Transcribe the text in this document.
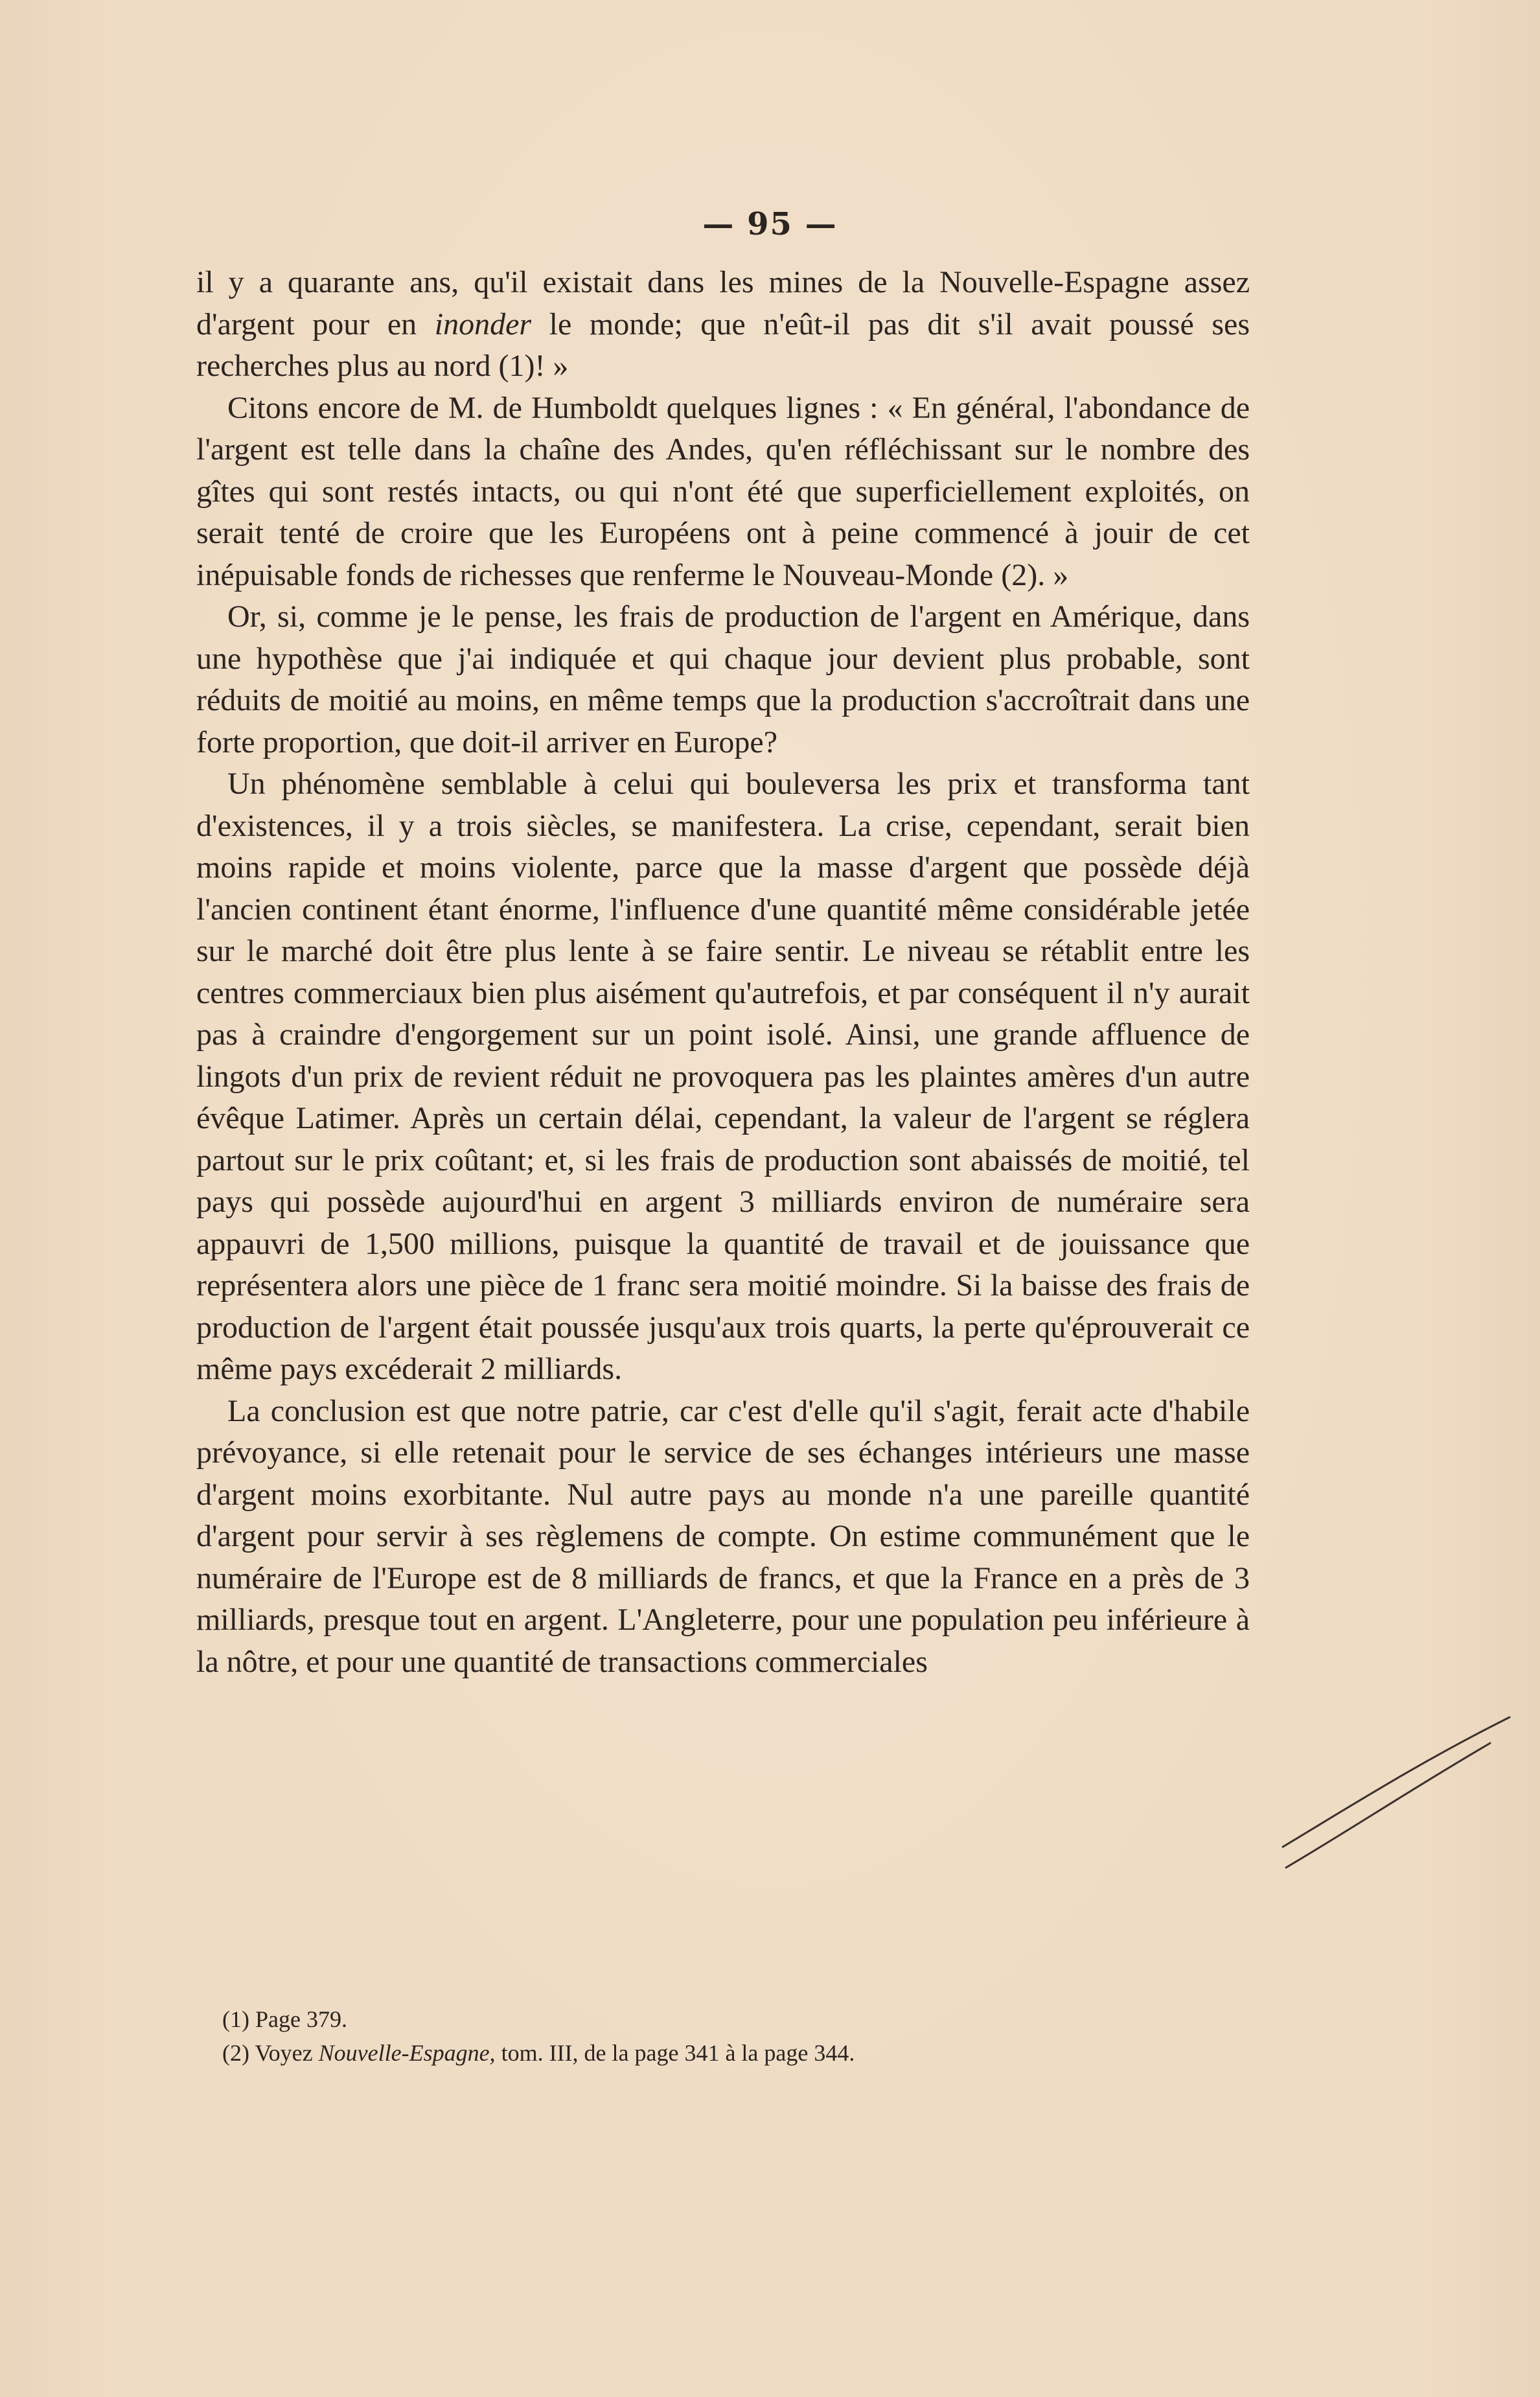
— 95 —

il y a quarante ans, qu'il existait dans les mines de la Nouvelle-Espagne assez d'argent pour en inonder le monde; que n'eût-il pas dit s'il avait poussé ses recherches plus au nord (1)! »

Citons encore de M. de Humboldt quelques lignes : « En général, l'abondance de l'argent est telle dans la chaîne des Andes, qu'en réfléchissant sur le nombre des gîtes qui sont restés intacts, ou qui n'ont été que superficiellement exploités, on serait tenté de croire que les Européens ont à peine commencé à jouir de cet inépuisable fonds de richesses que renferme le Nouveau-Monde (2). »

Or, si, comme je le pense, les frais de production de l'argent en Amérique, dans une hypothèse que j'ai indiquée et qui chaque jour devient plus probable, sont réduits de moitié au moins, en même temps que la production s'accroîtrait dans une forte proportion, que doit-il arriver en Europe?

Un phénomène semblable à celui qui bouleversa les prix et transforma tant d'existences, il y a trois siècles, se manifestera. La crise, cependant, serait bien moins rapide et moins violente, parce que la masse d'argent que possède déjà l'ancien continent étant énorme, l'influence d'une quantité même considérable jetée sur le marché doit être plus lente à se faire sentir. Le niveau se rétablit entre les centres commerciaux bien plus aisément qu'autrefois, et par conséquent il n'y aurait pas à craindre d'engorgement sur un point isolé. Ainsi, une grande affluence de lingots d'un prix de revient réduit ne provoquera pas les plaintes amères d'un autre évêque Latimer. Après un certain délai, cependant, la valeur de l'argent se réglera partout sur le prix coûtant; et, si les frais de production sont abaissés de moitié, tel pays qui possède aujourd'hui en argent 3 milliards environ de numéraire sera appauvri de 1,500 millions, puisque la quantité de travail et de jouissance que représentera alors une pièce de 1 franc sera moitié moindre. Si la baisse des frais de production de l'argent était poussée jusqu'aux trois quarts, la perte qu'éprouverait ce même pays excéderait 2 milliards.

La conclusion est que notre patrie, car c'est d'elle qu'il s'agit, ferait acte d'habile prévoyance, si elle retenait pour le service de ses échanges intérieurs une masse d'argent moins exorbitante. Nul autre pays au monde n'a une pareille quantité d'argent pour servir à ses règlemens de compte. On estime communément que le numéraire de l'Europe est de 8 milliards de francs, et que la France en a près de 3 milliards, presque tout en argent. L'Angleterre, pour une population peu inférieure à la nôtre, et pour une quantité de transactions commerciales

(1) Page 379.

(2) Voyez Nouvelle-Espagne, tom. III, de la page 341 à la page 344.
